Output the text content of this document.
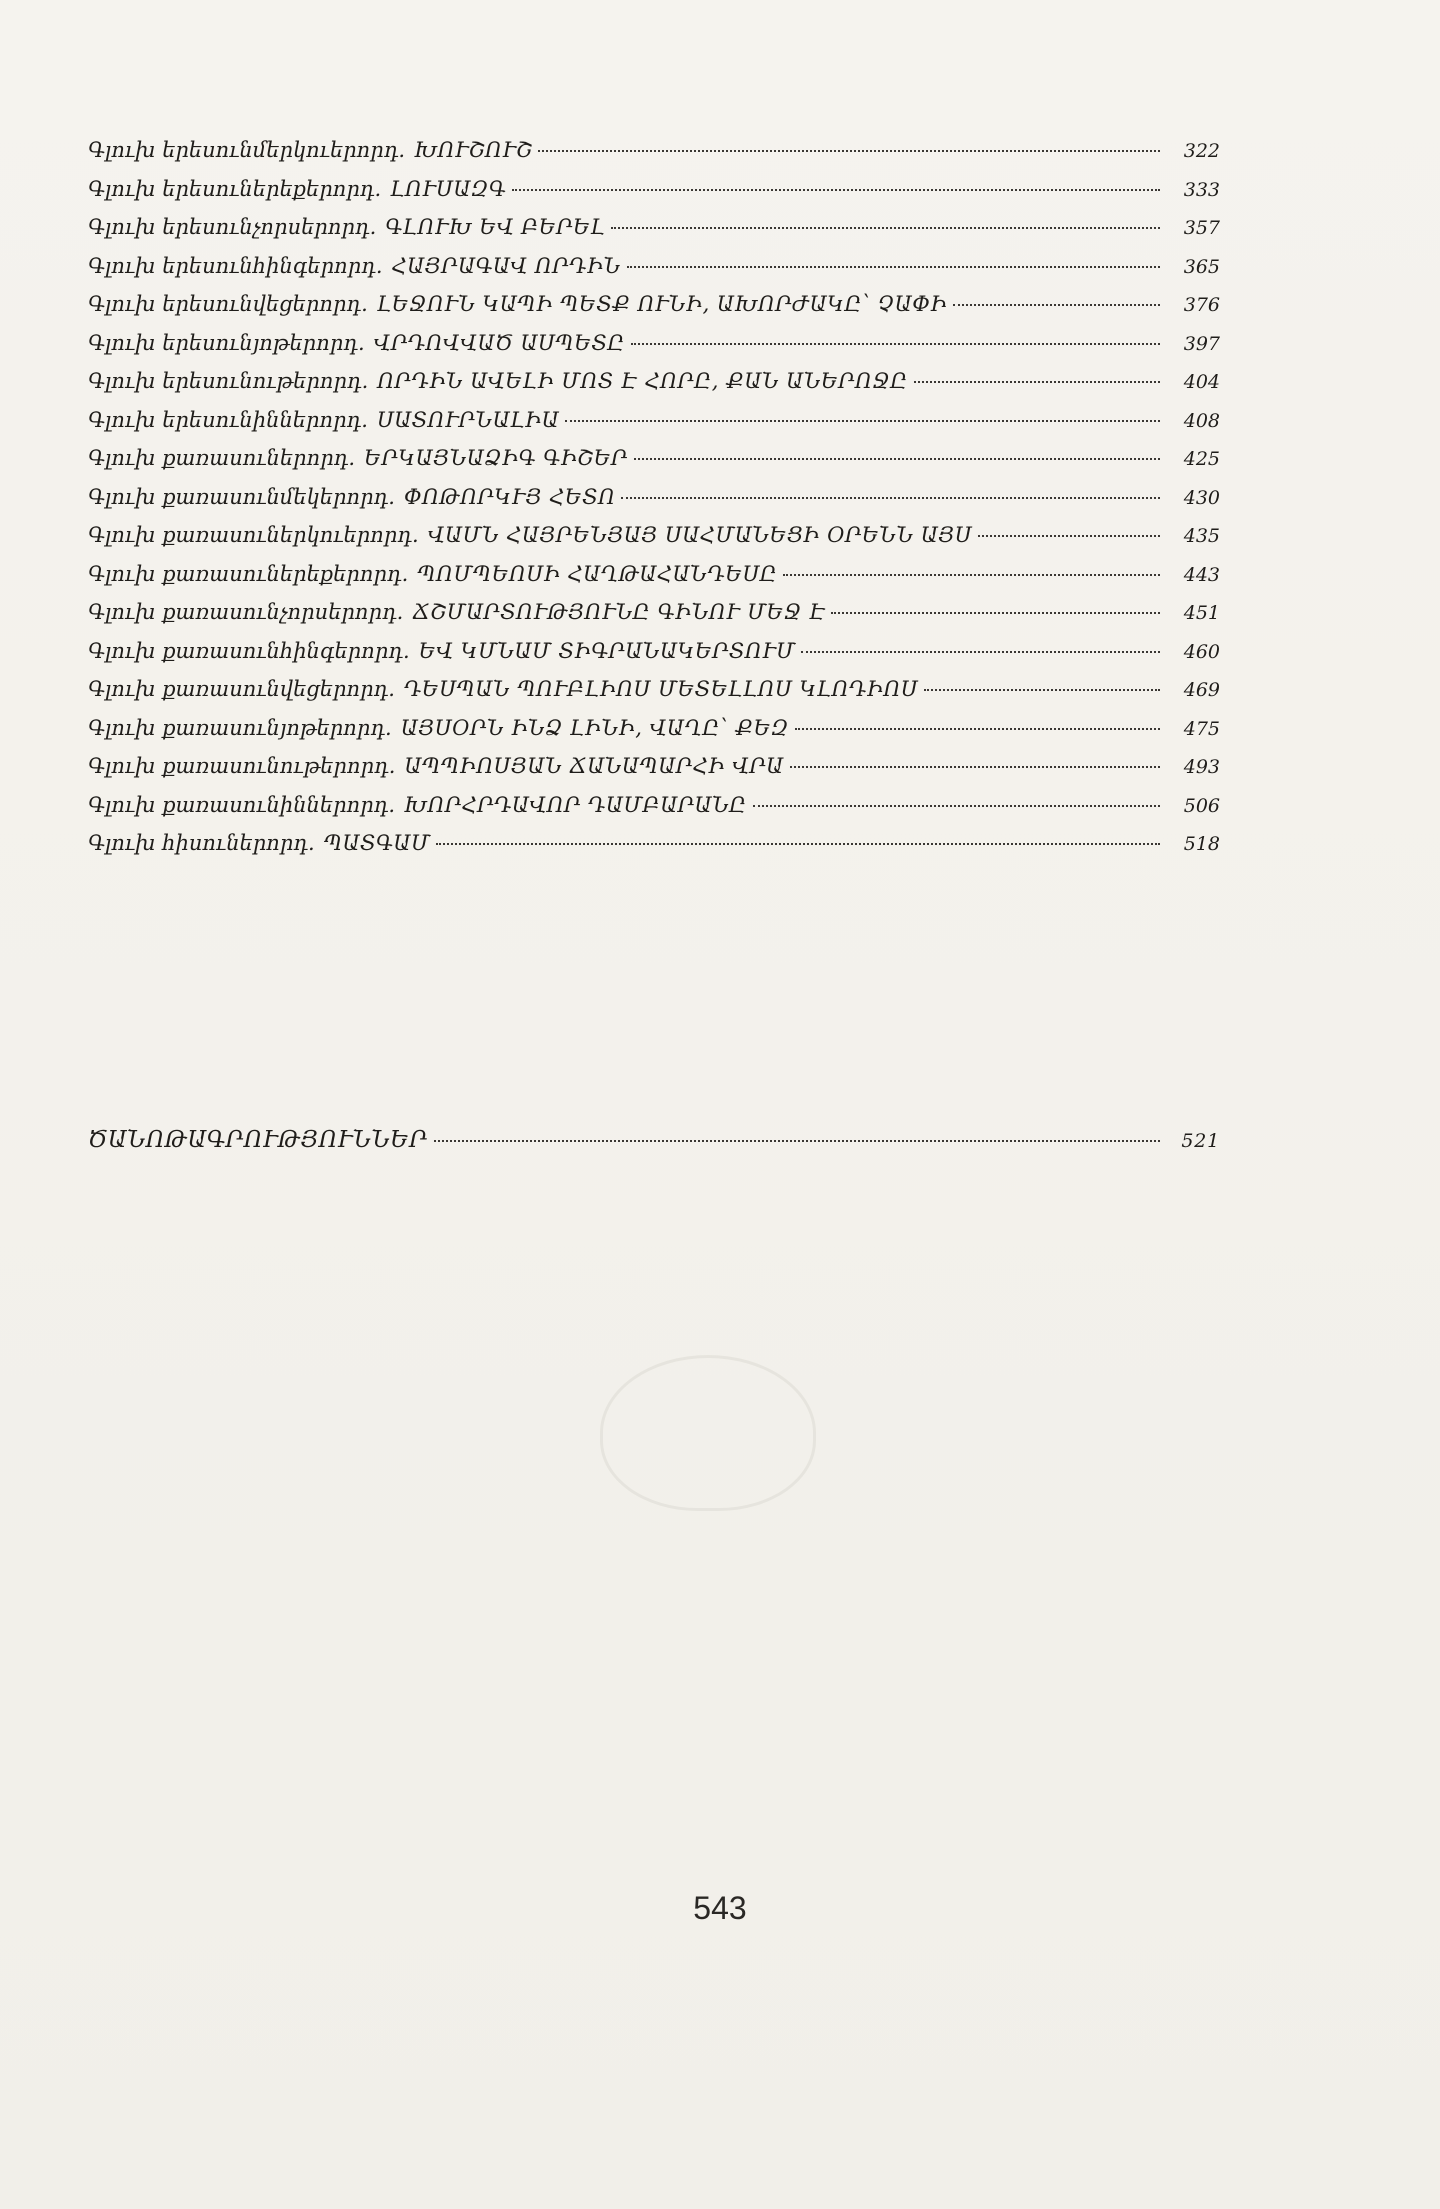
Գլուխ երեսունմերկուերորդ. ԽՈՒՇՈՒՇ	322
Գլուխ երեսուներեքերորդ. ԼՈՒՍԱԶԳ	333
Գլուխ երեսունչորսերորդ. ԳԼՈՒԽ ԵՎ ԲԵՐԵԼ	357
Գլուխ երեսունհինգերորդ. ՀԱՅՐԱԳԱՎ ՈՐԴԻՆ	365
Գլուխ երեսունվեցերորդ. ԼԵՋՈՒՆ ԿԱՊԻ ՊԵՏՔ ՈՒՆԻ, ԱԽՈՐԺԱԿԸ՝ ՉԱՓԻ	376
Գլուխ երեսունյոթերորդ. ՎՐԴՈՎՎԱԾ ԱՍՊԵՏԸ	397
Գլուխ երեսունութերորդ. ՈՐԴԻՆ ԱՎԵԼԻ ՄՈՏ Է ՀՈՐԸ, ՔԱՆ ԱՆԵՐՈՋԸ	404
Գլուխ երեսունիններորդ. ՍԱՏՈՒՐՆԱԼԻԱ	408
Գլուխ քառասուներորդ. ԵՐԿԱՅՆԱՁԻԳ ԳԻՇԵՐ	425
Գլուխ քառասունմեկերորդ. ՓՈԹՈՐԿՒՅ ՀԵՏՈ	430
Գլուխ քառասուներկուերորդ. ՎԱՄՆ ՀԱՅՐԵՆՅԱՅ ՍԱՀՄԱՆԵՑԻ ՕՐԵՆՆ ԱՅՍ	435
Գլուխ քառասուներեքերորդ. ՊՈՄՊԵՈՍԻ ՀԱՂԹԱՀԱՆԴԵՍԸ	443
Գլուխ քառասունչորսերորդ. ՃՇՄԱՐՏՈՒԹՅՈՒՆԸ ԳԻՆՈՒ ՄԵՋ Է	451
Գլուխ քառասունհինգերորդ. ԵՎ ԿՄՆԱՄ ՏԻԳՐԱՆԱԿԵՐՏՈՒՄ	460
Գլուխ քառասունվեցերորդ. ԴԵՍՊԱՆ ՊՈՒԲԼԻՈՍ ՄԵՏԵԼԼՈՍ ԿԼՈԴԻՈՍ	469
Գլուխ քառասունյոթերորդ. ԱՅՍՕՐՆ ԻՆՁ ԼԻՆԻ, ՎԱՂԸ՝ ՔԵԶ	475
Գլուխ քառասունութերորդ. ԱՊՊԻՈՍՅԱՆ ՃԱՆԱՊԱՐՀԻ ՎՐԱ	493
Գլուխ քառասունիններորդ. ԽՈՐՀՐԴԱՎՈՐ ԴԱՄԲԱՐԱՆԸ	506
Գլուխ հիսուներորդ. ՊԱՏԳԱՄ	518
ԾԱՆՈԹԱԳՐՈՒԹՅՈՒՆՆԵՐ	521
543
